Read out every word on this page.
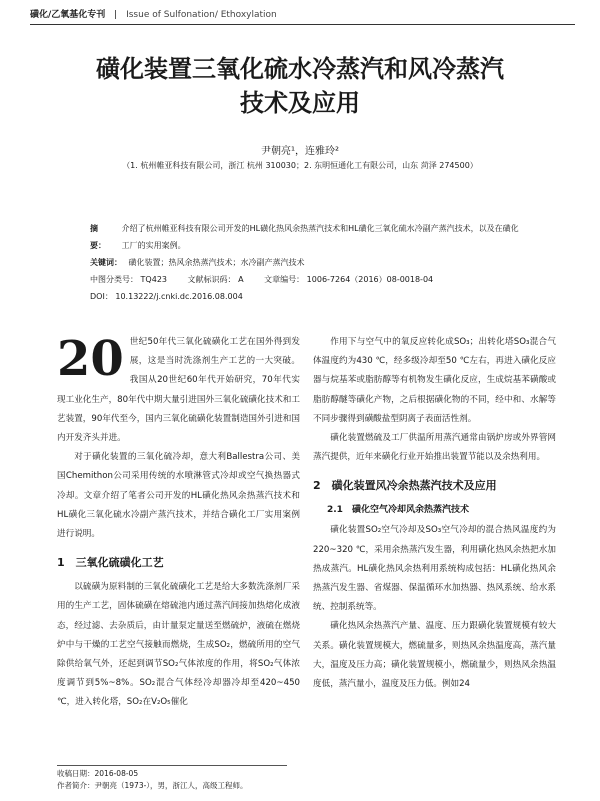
磺化/乙氧基化专刊 | Issue of Sulfonation/ Ethoxylation
磺化装置三氧化硫水冷蒸汽和风冷蒸汽
技术及应用
尹朝亮¹，连雅玲²
（1. 杭州帷亚科技有限公司，浙江 杭州 310030；2. 东明恒通化工有限公司，山东 菏泽 274500）
摘　要：
介绍了杭州帷亚科技有限公司开发的HL磺化热风余热蒸汽技术和HL磺化三氧化硫水冷副产蒸汽技术，以及在磺化工厂的实用案例。
关键词： 磺化装置；热风余热蒸汽技术；水冷副产蒸汽技术
中图分类号： TQ423	文献标识码： A	文章编号： 1006-7264（2016）08-0018-04
DOI： 10.13222/j.cnki.dc.2016.08.004

20 世纪50年代三氧化硫磺化工艺在国外得到发展，这是当时洗涤剂生产工艺的一大突破。我国从20世纪60年代开始研究，70年代实现工业化生产，80年代中期大量引进国外三氧化硫磺化技术和工艺装置，90年代至今，国内三氧化硫磺化装置制造国外引进和国内开发齐头并进。

对于磺化装置的三氧化硫冷却，意大利Ballestra公司、美国Chemithon公司采用传统的水喷淋管式冷却或空气换热器式冷却。文章介绍了笔者公司开发的HL磺化热风余热蒸汽技术和HL磺化三氧化硫水冷副产蒸汽技术，并结合磺化工厂实用案例进行说明。

1　三氧化硫磺化工艺

以硫磺为原料制的三氧化硫磺化工艺是给大多数洗涤剂厂采用的生产工艺，固体硫磺在熔硫池内通过蒸汽间接加热熔化成液态，经过滤、去杂质后，由计量泵定量送至燃硫炉，液硫在燃烧炉中与干燥的工艺空气接触而燃烧，生成SO₂，燃硫所用的空气除供给氧气外，还起到调节SO₂气体浓度的作用，将SO₂气体浓度调节到5%~8%。SO₂混合气体经冷却器冷却至420~450 ℃，进入转化塔，SO₂在V₂O₅催化

作用下与空气中的氧反应转化成SO₃；出转化塔SO₃混合气体温度约为430 ℃，经多级冷却至50 ℃左右，再进入磺化反应器与烷基苯或脂肪醇等有机物发生磺化反应，生成烷基苯磺酸或脂肪醇醚等磺化产物，之后根据磺化物的不同，经中和、水解等不同步骤得到磺酸盐型阴离子表面活性剂。

磺化装置燃硫及工厂供温所用蒸汽通常由锅炉房或外界管网蒸汽提供，近年来磺化行业开始推出装置节能以及余热利用。

2　磺化装置风冷余热蒸汽技术及应用
2.1　磺化空气冷却风余热蒸汽技术

磺化装置SO₂空气冷却及SO₃空气冷却的混合热风温度约为220~320 ℃，采用余热蒸汽发生器，利用磺化热风余热把水加热成蒸汽。HL磺化热风余热利用系统构成包括：HL磺化热风余热蒸汽发生器、省煤器、保温循环水加热器、热风系统、给水系统、控制系统等。

磺化热风余热蒸汽产量、温度、压力跟磺化装置规模有较大关系。磺化装置规模大，燃硫量多，则热风余热温度高，蒸汽量大，温度及压力高；磺化装置规模小，燃硫量少，则热风余热温度低，蒸汽量小，温度及压力低。例如24

收稿日期：2016-08-05
作者简介：尹朝亮（1973-），男，浙江人，高级工程师。
